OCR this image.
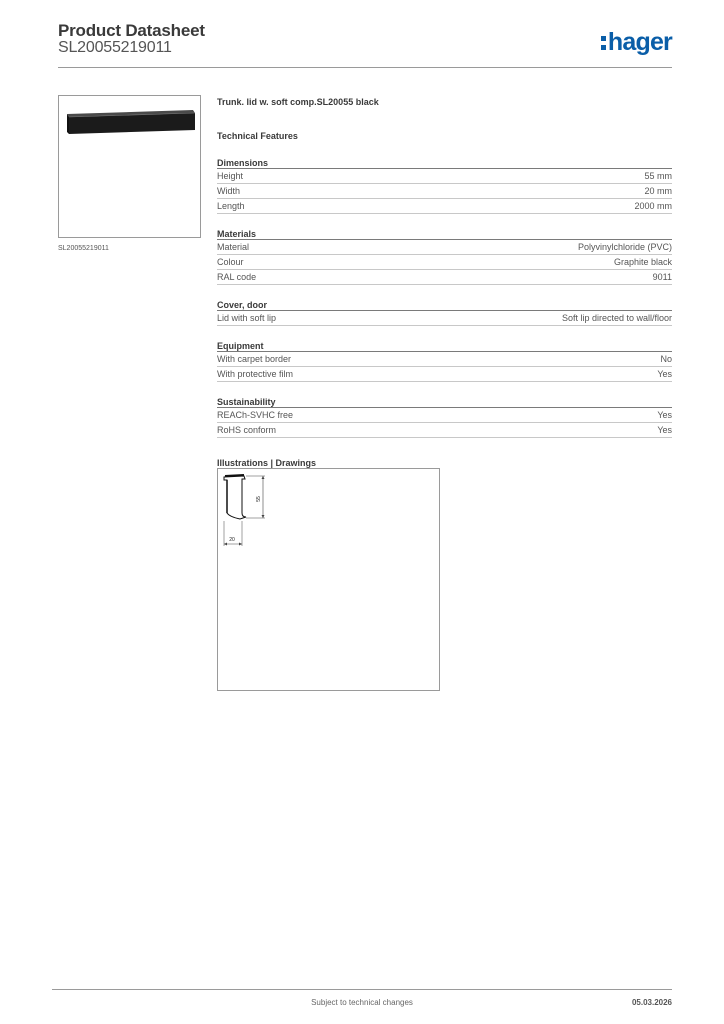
Product Datasheet
SL20055219011	hager
SL20055219011
Trunk. lid w. soft comp.SL20055 black
Technical Features
Dimensions
Height	55 mm
Width	20 mm
Length	2000 mm
Materials
Material	Polyvinylchloride (PVC)
Colour	Graphite black
RAL code	9011
Cover, door
Lid with soft lip	Soft lip directed to wall/floor
Equipment
With carpet border	No
With protective film	Yes
Sustainability
REACh-SVHC free	Yes
RoHS conform	Yes
Illustrations | Drawings
55
20
Subject to technical changes	05.03.2026
